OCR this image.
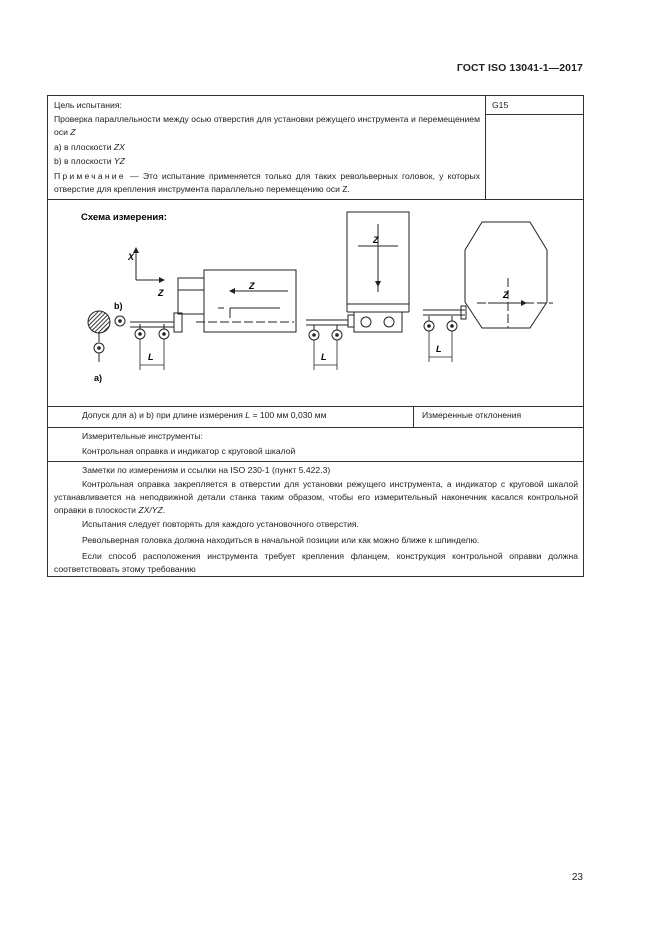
ГОСТ ISO 13041-1—2017
Цель испытания:	G15
Проверка параллельности между осью отверстия для установки режущего инструмента и перемещением оси Z
а) в плоскости ZX
b) в плоскости YZ
Примечание — Это испытание применяется только для таких револьверных головок, у которых отверстие для крепления инструмента параллельно перемещению оси Z.
Схема измерения:
X
Z
Z
L
b)
a)
Z
L
Z
L
Допуск для а) и b) при длине измерения L = 100 мм 0,030 мм	Измеренные отклонения
Измерительные инструменты:
Контрольная оправка и индикатор с круговой шкалой
Заметки по измерениям и ссылки на ISO 230-1 (пункт 5.422.3)
Контрольная оправка закрепляется в отверстии для установки режущего инструмента, а индикатор с круговой шкалой устанавливается на неподвижной детали станка таким образом, чтобы его измерительный наконечник касался контрольной оправки в плоскости ZX/YZ.
Испытания следует повторять для каждого установочного отверстия.
Револьверная головка должна находиться в начальной позиции или как можно ближе к шпинделю.
Если способ расположения инструмента требует крепления фланцем, конструкция контрольной оправки должна соответствовать этому требованию
23
